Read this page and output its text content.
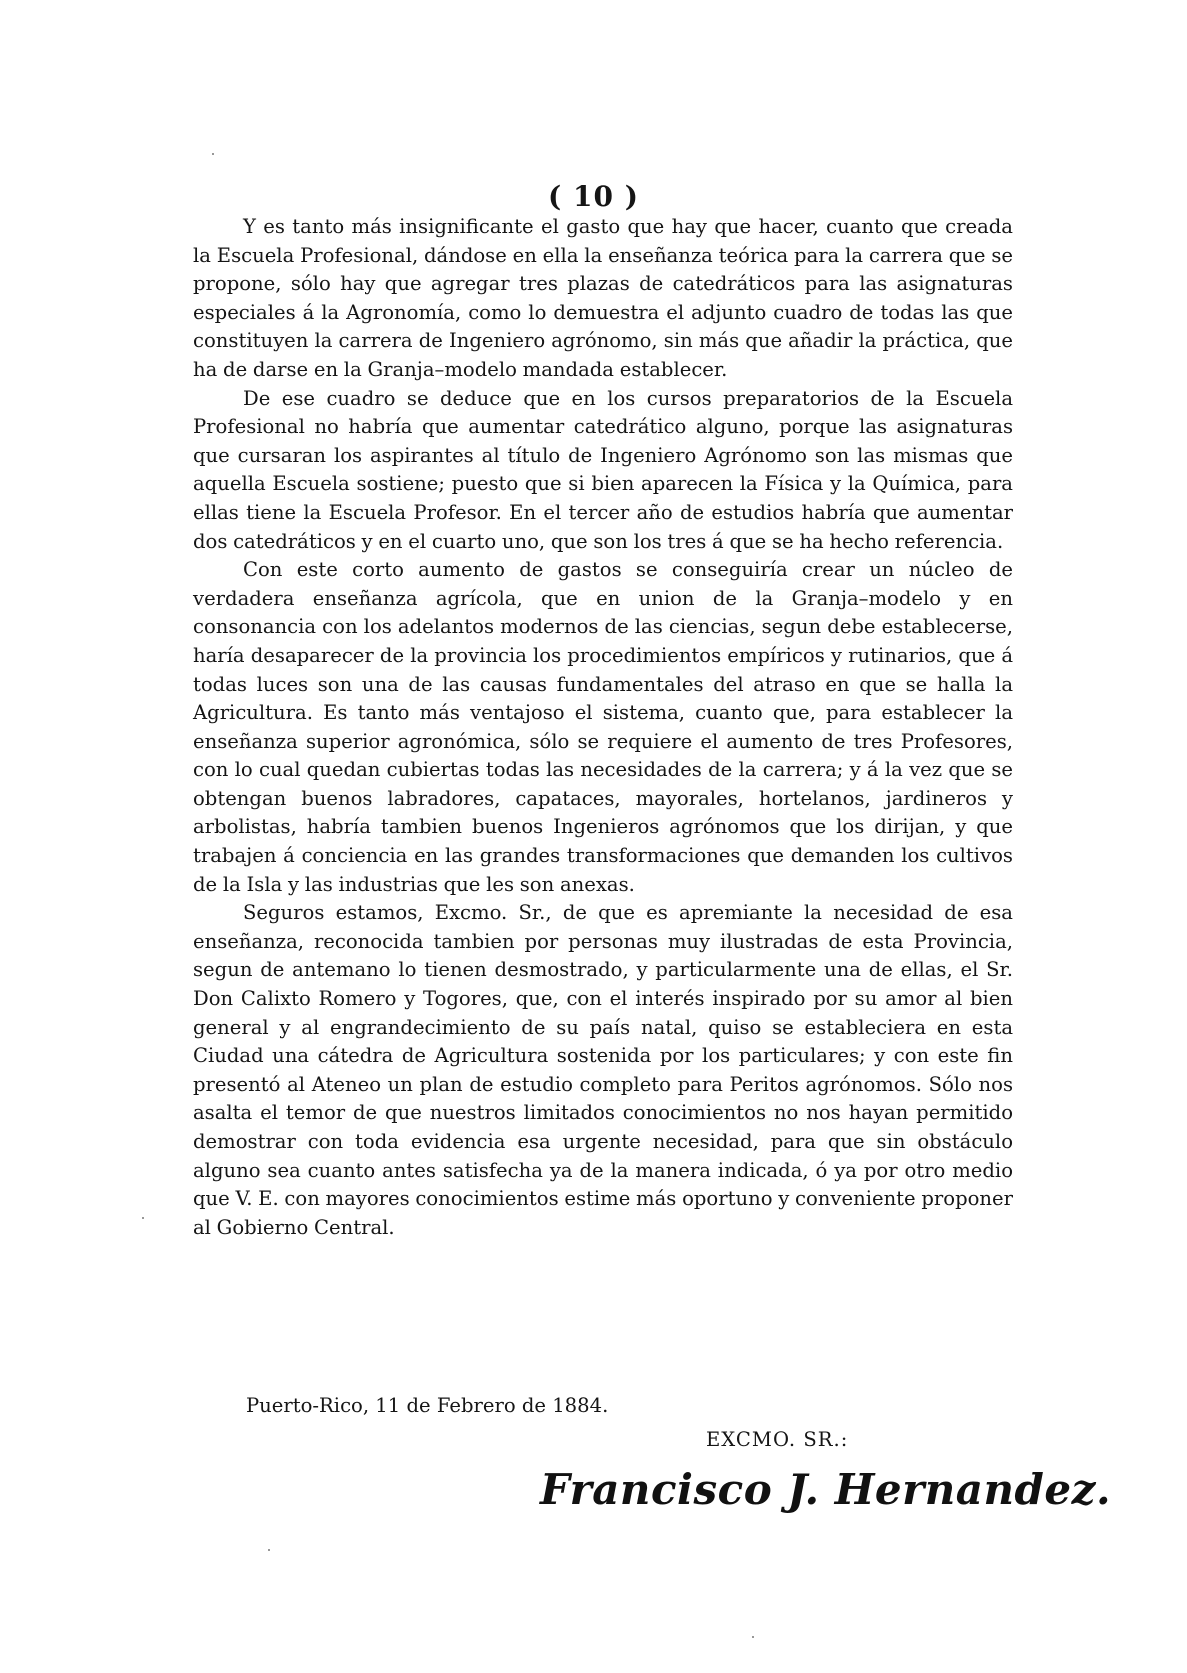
( 10 )

Y es tanto más insignificante el gasto que hay que hacer, cuanto que creada la Escuela Profesional, dándose en ella la enseñanza teórica para la carrera que se propone, sólo hay que agregar tres plazas de catedráticos para las asignaturas especiales á la Agronomía, como lo demuestra el adjunto cuadro de todas las que constituyen la carrera de Ingeniero agrónomo, sin más que añadir la práctica, que ha de darse en la Granja–modelo mandada establecer.

De ese cuadro se deduce que en los cursos preparatorios de la Escuela Profesional no habría que aumentar catedrático alguno, porque las asignaturas que cursaran los aspirantes al título de Ingeniero Agrónomo son las mismas que aquella Escuela sostiene; puesto que si bien aparecen la Física y la Química, para ellas tiene la Escuela Profesor. En el tercer año de estudios habría que aumentar dos catedráticos y en el cuarto uno, que son los tres á que se ha hecho referencia.

Con este corto aumento de gastos se conseguiría crear un núcleo de verdadera enseñanza agrícola, que en union de la Granja–modelo y en consonancia con los adelantos modernos de las ciencias, segun debe establecerse, haría desaparecer de la provincia los procedimientos empíricos y rutinarios, que á todas luces son una de las causas fundamentales del atraso en que se halla la Agricultura. Es tanto más ventajoso el sistema, cuanto que, para establecer la enseñanza superior agronómica, sólo se requiere el aumento de tres Profesores, con lo cual quedan cubiertas todas las necesidades de la carrera; y á la vez que se obtengan buenos labradores, capataces, mayorales, hortelanos, jardineros y arbolistas, habría tambien buenos Ingenieros agrónomos que los dirijan, y que trabajen á conciencia en las grandes transformaciones que demanden los cultivos de la Isla y las industrias que les son anexas.

Seguros estamos, Excmo. Sr., de que es apremiante la necesidad de esa enseñanza, reconocida tambien por personas muy ilustradas de esta Provincia, segun de antemano lo tienen desmostrado, y particularmente una de ellas, el Sr. Don Calixto Romero y Togores, que, con el interés inspirado por su amor al bien general y al engrandecimiento de su país natal, quiso se estableciera en esta Ciudad una cátedra de Agricultura sostenida por los particulares; y con este fin presentó al Ateneo un plan de estudio completo para Peritos agrónomos. Sólo nos asalta el temor de que nuestros limitados conocimientos no nos hayan permitido demostrar con toda evidencia esa urgente necesidad, para que sin obstáculo alguno sea cuanto antes satisfecha ya de la manera indicada, ó ya por otro medio que V. E. con mayores conocimientos estime más oportuno y conveniente proponer al Gobierno Central.

Puerto-Rico, 11 de Febrero de 1884.

EXCMO. SR.:

Francisco J. Hernandez.
